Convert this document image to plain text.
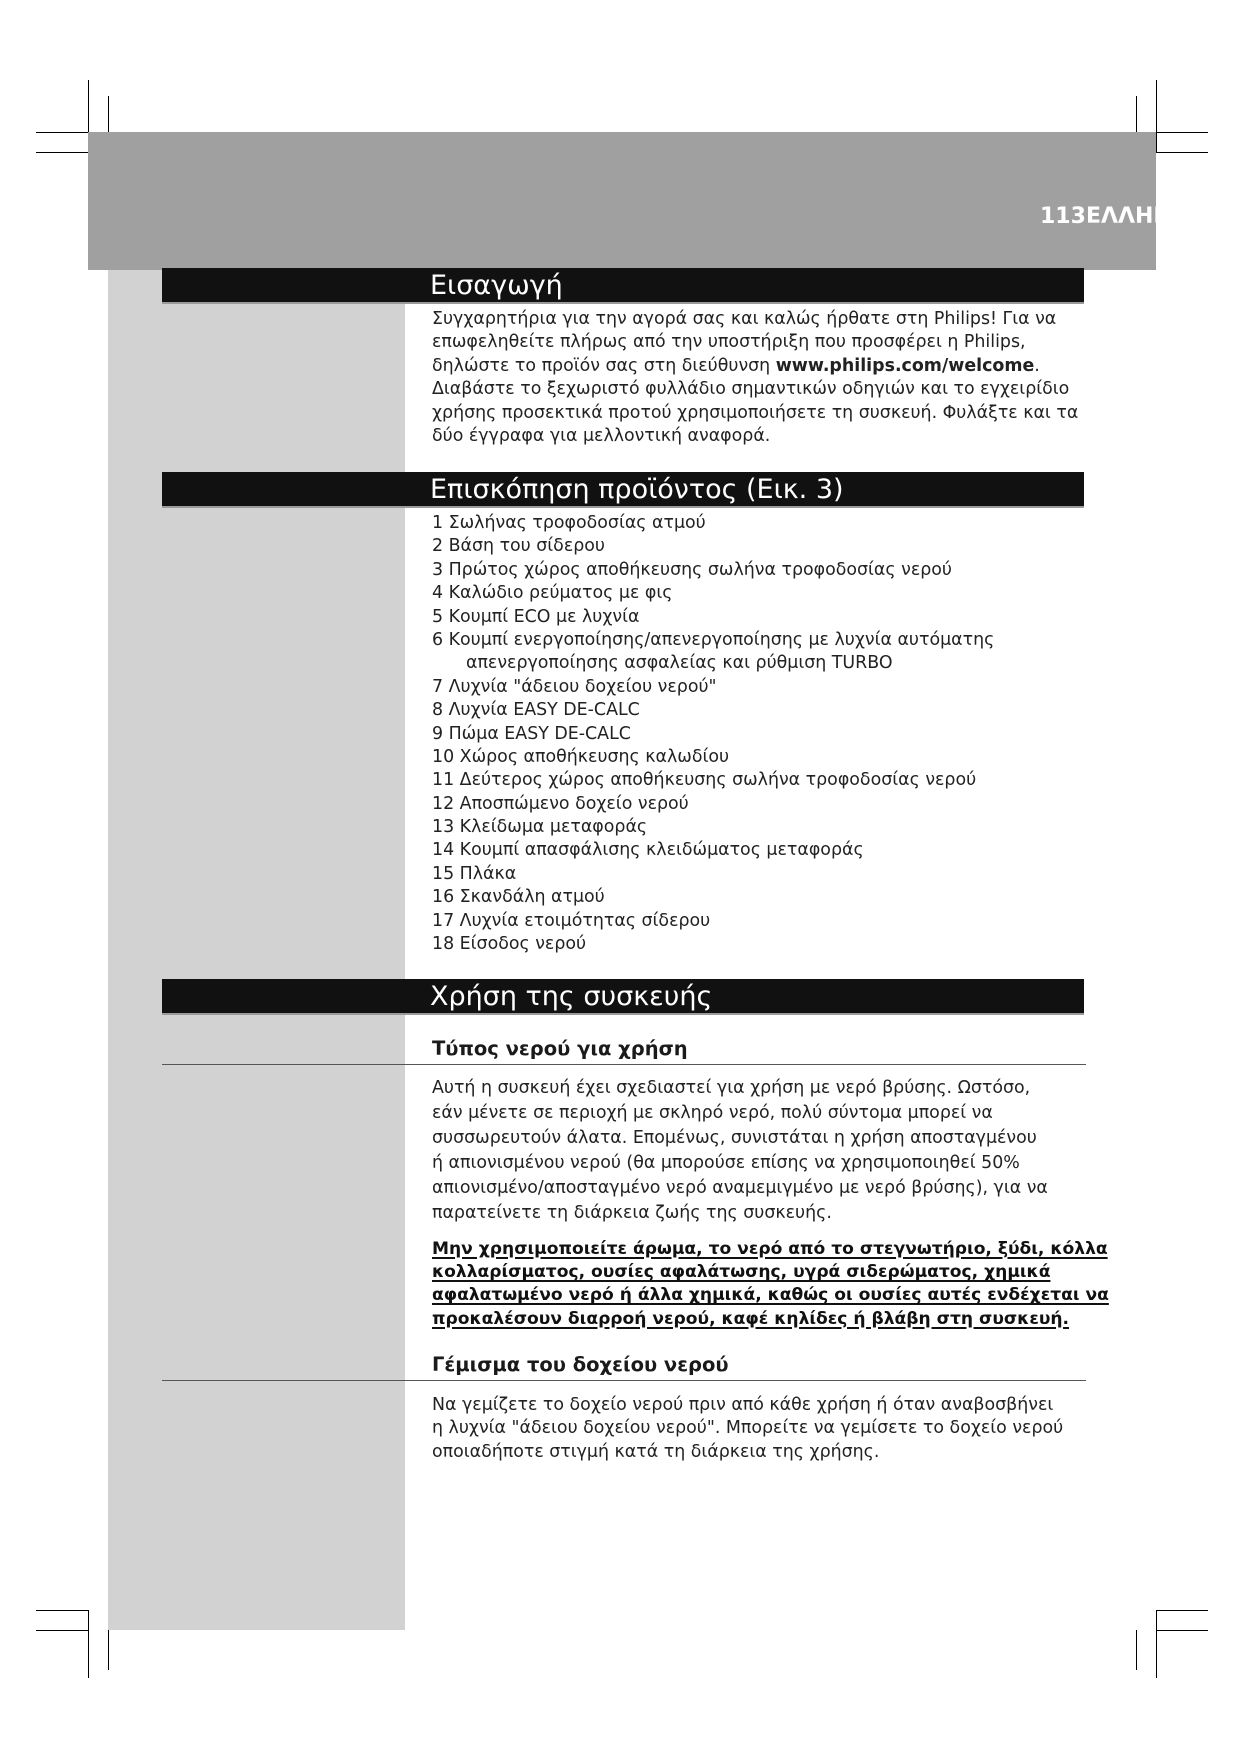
113ΕΛΛΗΝΙΚΑ
Εισαγωγή

Συγχαρητήρια για την αγορά σας και καλώς ήρθατε στη Philips! Για να

επωφεληθείτε πλήρως από την υποστήριξη που προσφέρει η Philips,

δηλώστε το προϊόν σας στη διεύθυνση www.philips.com/welcome.

Διαβάστε το ξεχωριστό φυλλάδιο σημαντικών οδηγιών και το εγχειρίδιο

χρήσης προσεκτικά προτού χρησιμοποιήσετε τη συσκευή. Φυλάξτε και τα

δύο έγγραφα για μελλοντική αναφορά.

Επισκόπηση προϊόντος (Εικ. 3)
1 Σωλήνας τροφοδοσίας ατμού
2 Βάση του σίδερου
3 Πρώτος χώρος αποθήκευσης σωλήνα τροφοδοσίας νερού
4 Καλώδιο ρεύματος με φις
5 Κουμπί ECO με λυχνία
6 Κουμπί ενεργοποίησης/απενεργοποίησης με λυχνία αυτόματης
απενεργοποίησης ασφαλείας και ρύθμιση TURBO
7 Λυχνία "άδειου δοχείου νερού"
8 Λυχνία EASY DE-CALC
9 Πώμα EASY DE-CALC
10 Χώρος αποθήκευσης καλωδίου
11 Δεύτερος χώρος αποθήκευσης σωλήνα τροφοδοσίας νερού
12 Αποσπώμενο δοχείο νερού
13 Κλείδωμα μεταφοράς
14 Κουμπί απασφάλισης κλειδώματος μεταφοράς
15 Πλάκα
16 Σκανδάλη ατμού
17 Λυχνία ετοιμότητας σίδερου
18 Είσοδος νερού
Χρήση της συσκευής
Τύπος νερού για χρήση

Αυτή η συσκευή έχει σχεδιαστεί για χρήση με νερό βρύσης. Ωστόσο,

εάν μένετε σε περιοχή με σκληρό νερό, πολύ σύντομα μπορεί να

συσσωρευτούν άλατα. Επομένως, συνιστάται η χρήση αποσταγμένου

ή απιονισμένου νερού (θα μπορούσε επίσης να χρησιμοποιηθεί 50%

απιονισμένο/αποσταγμένο νερό αναμεμιγμένο με νερό βρύσης), για να

παρατείνετε τη διάρκεια ζωής της συσκευής.

Μην χρησιμοποιείτε άρωμα, το νερό από το στεγνωτήριο, ξύδι, κόλλα

κολλαρίσματος, ουσίες αφαλάτωσης, υγρά σιδερώματος, χημικά

αφαλατωμένο νερό ή άλλα χημικά, καθώς οι ουσίες αυτές ενδέχεται να

προκαλέσουν διαρροή νερού, καφέ κηλίδες ή βλάβη στη συσκευή.

Γέμισμα του δοχείου νερού

Να γεμίζετε το δοχείο νερού πριν από κάθε χρήση ή όταν αναβοσβήνει

η λυχνία "άδειου δοχείου νερού". Μπορείτε να γεμίσετε το δοχείο νερού

οποιαδήποτε στιγμή κατά τη διάρκεια της χρήσης.
